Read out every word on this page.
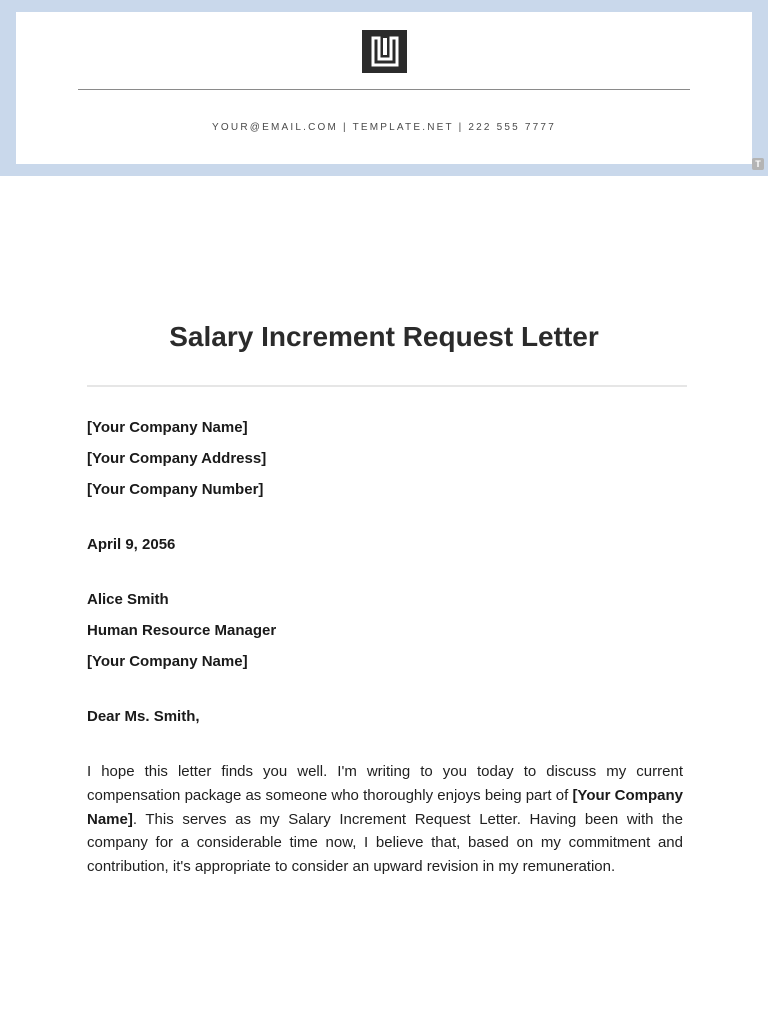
YOUR@EMAIL.COM | TEMPLATE.NET | 222 555 7777
T
Salary Increment Request Letter
[Your Company Name]
[Your Company Address]
[Your Company Number]
April 9, 2056
Alice Smith
Human Resource Manager
[Your Company Name]
Dear Ms. Smith,

I hope this letter finds you well. I'm writing to you today to discuss my current compensation package as someone who thoroughly enjoys being part of [Your Company Name]. This serves as my Salary Increment Request Letter. Having been with the company for a considerable time now, I believe that, based on my commitment and contribution, it's appropriate to consider an upward revision in my remuneration.
